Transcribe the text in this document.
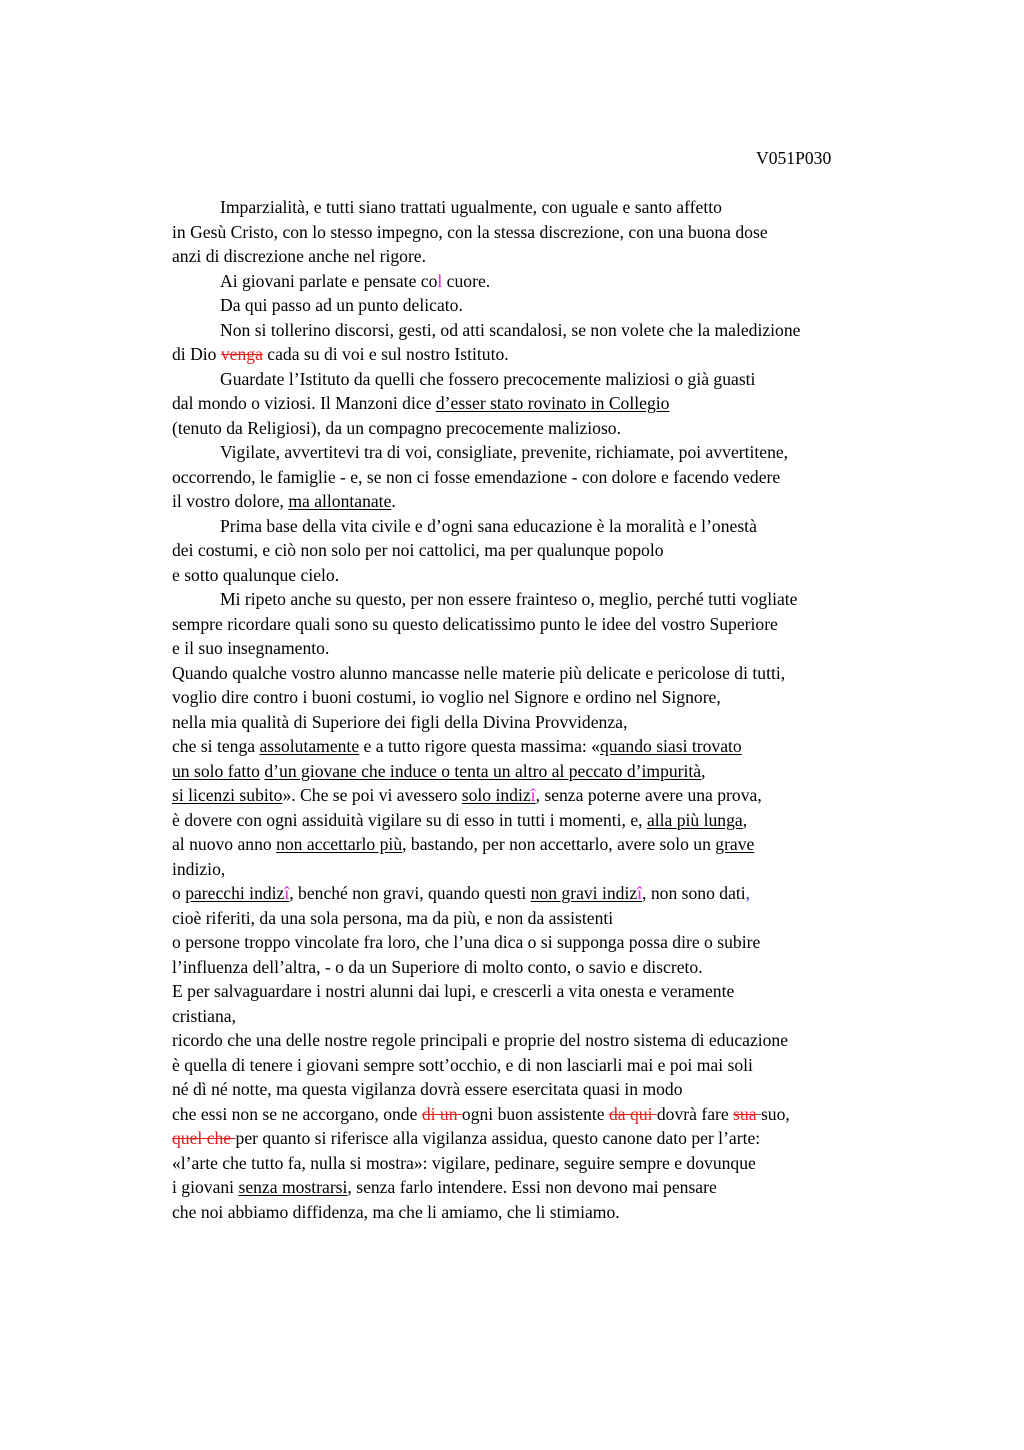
V051P030
Imparzialità, e tutti siano trattati ugualmente, con uguale e santo affetto
in Gesù Cristo, con lo stesso impegno, con la stessa discrezione, con una buona dose
anzi di discrezione anche nel rigore.
Ai giovani parlate e pensate col cuore.
Da qui passo ad un punto delicato.
Non si tollerino discorsi, gesti, od atti scandalosi, se non volete che la maledizione
di Dio venga cada su di voi e sul nostro Istituto.
Guardate l’Istituto da quelli che fossero precocemente maliziosi o già guasti
dal mondo o viziosi. Il Manzoni dice d’esser stato rovinato in Collegio
(tenuto da Religiosi), da un compagno precocemente malizioso.
Vigilate, avvertitevi tra di voi, consigliate, prevenite, richiamate, poi avvertitene,
occorrendo, le famiglie - e, se non ci fosse emendazione - con dolore e facendo vedere
il vostro dolore, ma allontanate.
Prima base della vita civile e d’ogni sana educazione è la moralità e l’onestà
dei costumi, e ciò non solo per noi cattolici, ma per qualunque popolo
e sotto qualunque cielo.
Mi ripeto anche su questo, per non essere frainteso o, meglio, perché tutti vogliate
sempre ricordare quali sono su questo delicatissimo punto le idee del vostro Superiore
e il suo insegnamento.
Quando qualche vostro alunno mancasse nelle materie più delicate e pericolose di tutti,
voglio dire contro i buoni costumi, io voglio nel Signore e ordino nel Signore,
nella mia qualità di Superiore dei figli della Divina Provvidenza,
che si tenga assolutamente e a tutto rigore questa massima: «quando siasi trovato
un solo fatto d’un giovane che induce o tenta un altro al peccato d’impurità,
si licenzi subito». Che se poi vi avessero solo indizî, senza poterne avere una prova,
è dovere con ogni assiduità vigilare su di esso in tutti i momenti, e, alla più lunga,
al nuovo anno non accettarlo più, bastando, per non accettarlo, avere solo un grave
indizio,
o parecchi indizî, benché non gravi, quando questi non gravi indizî, non sono dati,
cioè riferiti, da una sola persona, ma da più, e non da assistenti
o persone troppo vincolate fra loro, che l’una dica o si supponga possa dire o subire
l’influenza dell’altra, - o da un Superiore di molto conto, o savio e discreto.
E per salvaguardare i nostri alunni dai lupi, e crescerli a vita onesta e veramente
cristiana,
ricordo che una delle nostre regole principali e proprie del nostro sistema di educazione
è quella di tenere i giovani sempre sott’occhio, e di non lasciarli mai e poi mai soli
né dì né notte, ma questa vigilanza dovrà essere esercitata quasi in modo
che essi non se ne accorgano, onde di un ogni buon assistente da qui dovrà fare sua suo,
quel che per quanto si riferisce alla vigilanza assidua, questo canone dato per l’arte:
«l’arte che tutto fa, nulla si mostra»: vigilare, pedinare, seguire sempre e dovunque
i giovani senza mostrarsi, senza farlo intendere. Essi non devono mai pensare
che noi abbiamo diffidenza, ma che li amiamo, che li stimiamo.
